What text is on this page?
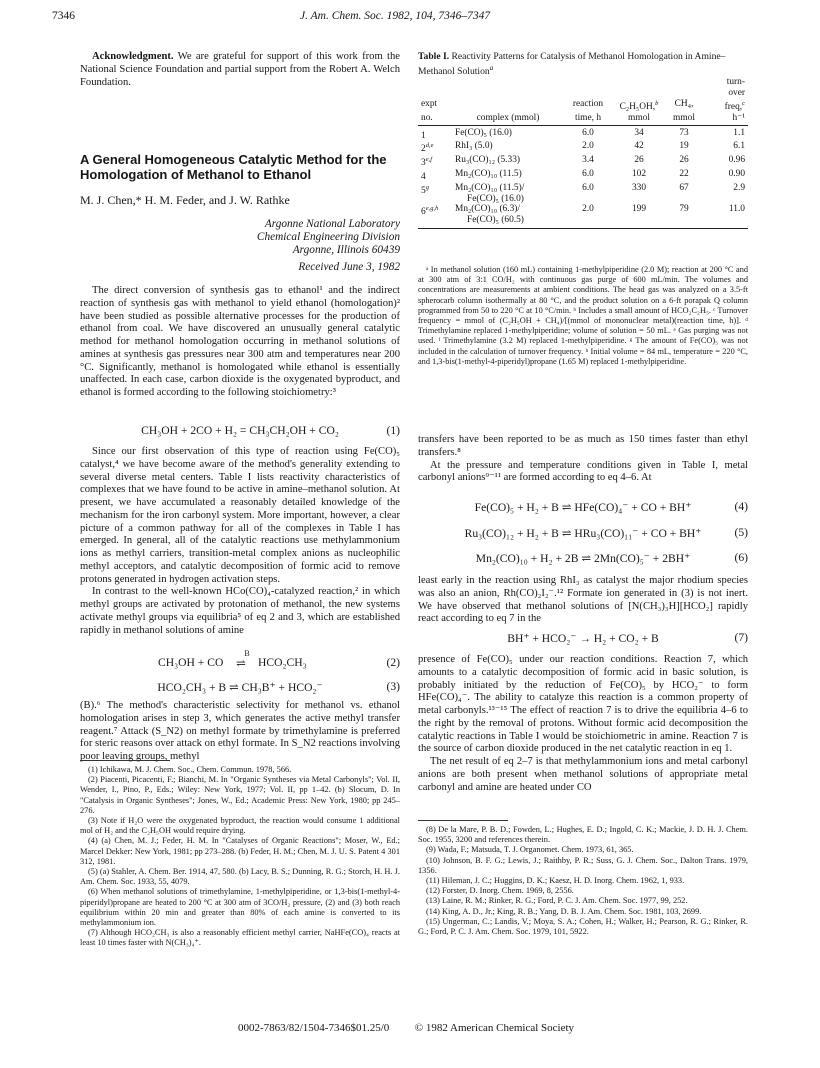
7346	J. Am. Chem. Soc. 1982, 104, 7346–7347

Acknowledgment. We are grateful for support of this work from the National Science Foundation and partial support from the Robert A. Welch Foundation.

A General Homogeneous Catalytic Method for the Homologation of Methanol to Ethanol
M. J. Chen,* H. M. Feder, and J. W. Rathke
Argonne National Laboratory
Chemical Engineering Division
Argonne, Illinois 60439
Received June 3, 1982

The direct conversion of synthesis gas to ethanol¹ and the indirect reaction of synthesis gas with methanol to yield ethanol (homologation)² have been studied as possible alternative processes for the production of ethanol from coal. We have discovered an unusually general catalytic method for methanol homologation occurring in methanol solutions of amines at synthesis gas pressures near 300 atm and temperatures near 200 °C. Significantly, methanol is homologated while ethanol is essentially unaffected. In each case, carbon dioxide is the oxygenated byproduct, and ethanol is formed according to the following stoichiometry:³

CH₃OH + 2CO + H₂ = CH₃CH₂OH + CO₂	(1)

Since our first observation of this type of reaction using Fe(CO)₅ catalyst,⁴ we have become aware of the method's generality extending to several diverse metal centers. Table I lists reactivity characteristics of complexes that we have found to be active in amine–methanol solution. At present, we have accumulated a reasonably detailed knowledge of the mechanism for the iron carbonyl system. More important, however, a clear picture of a common pathway for all of the complexes in Table I has emerged. In general, all of the catalytic reactions use methylammonium ions as methyl carriers, transition-metal complex anions as nucleophilic methyl acceptors, and catalytic decomposition of formic acid to remove protons generated in hydrogen activation steps.

In contrast to the well-known HCo(CO)₄-catalyzed reaction,² in which methyl groups are activated by protonation of methanol, the new systems activate methyl groups via equilibria⁵ of eq 2 and 3, which are established rapidly in methanol solutions of amine

CH₃OH + CO
B
⇌ HCO₂CH₃	(2)
HCO₂CH₃ + B ⇌ CH₃B⁺ + HCO₂⁻	(3)

(B).⁶ The method's characteristic selectivity for methanol vs. ethanol homologation arises in step 3, which generates the active methyl transfer reagent.⁷ Attack (S_N2) on methyl formate by trimethylamine is preferred for steric reasons over attack on ethyl formate. In S_N2 reactions involving poor leaving groups, methyl

(1) Ichikawa, M. J. Chem. Soc., Chem. Commun. 1978, 566.
(2) Piacenti, Picacenti, F.; Bianchi, M. In "Organic Syntheses via Metal Carbonyls"; Vol. II, Wender, I., Pino, P., Eds.; Wiley: New York, 1977; Vol. II, pp 1–42. (b) Slocum, D. In "Catalysis in Organic Syntheses"; Jones, W., Ed.; Academic Press: New York, 1980; pp 245–276.
(3) Note if H₂O were the oxygenated byproduct, the reaction would consume 1 additional mol of H₂ and the C₂H₅OH would require drying.
(4) (a) Chen, M. J.; Feder, H. M. In "Catalyses of Organic Reactions"; Moser, W., Ed.; Marcel Dekker: New York, 1981; pp 273–288. (b) Feder, H. M.; Chen, M. J. U. S. Patent 4 301 312, 1981.
(5) (a) Stahler, A. Chem. Ber. 1914, 47, 580. (b) Lacy, B. S.; Dunning, R. G.; Storch, H. H. J. Am. Chem. Soc. 1933, 55, 4079.
(6) When methanol solutions of trimethylamine, 1-methylpiperidine, or 1,3-bis(1-methyl-4-piperidyl)propane are heated to 200 °C at 300 atm of 3CO/H₂ pressure, (2) and (3) both reach equilibrium within 20 min and greater than 80% of each amine is converted to its methylammonium ion.
(7) Although HCO₂CH₃ is also a reasonably efficient methyl carrier, NaHFe(CO)₄ reacts at least 10 times faster with N(CH₃)₄⁺.
Table I. Reactivity Patterns for Catalysis of Methanol Homologation in Amine–Methanol Solution$^a$
					turn-
					over
expt		reaction	C₂H₅OH,$^b$	CH₄,	freq,$^c$
no.	complex (mmol)	time, h	mmol	mmol	h⁻¹

1	Fe(CO)₅ (16.0)	6.0	34	73	1.1
2$^{d,e}$	RhI₃ (5.0)	2.0	42	19	6.1
3$^{e,f}$	Ru₃(CO)₁₂ (5.33)	3.4	26	26	0.96
4	Mn₂(CO)₁₀ (11.5)	6.0	102	22	0.90
5$^g$	Mn₂(CO)₁₀ (11.5)/
Fe(CO)₅ (16.0)	6.0	330	67	2.9
6$^{e,g,h}$	Mn₂(CO)₁₀ (6.3)/
Fe(CO)₅ (60.5)	2.0	199	79	11.0

ᵃ In methanol solution (160 mL) containing 1-methylpiperidine (2.0 M); reaction at 200 °C and at 300 atm of 3:1 CO/H₂ with continuous gas purge of 600 mL/min. The volumes and concentrations are measurements at ambient conditions. The head gas was analyzed on a 3.5-ft spherocarb column isothermally at 80 °C, and the product solution on a 6-ft porapak Q column programmed from 50 to 220 °C at 10 °C/min. ᵇ Includes a small amount of HCO₂C₂H₅. ᶜ Turnover frequency = mmol of (C₂H₅OH + CH₄)/[(mmol of mononuclear metal)(reaction time, h)]. ᵈ Trimethylamine replaced 1-methylpiperidine; volume of solution = 50 mL. ᵉ Gas purging was not used. ᶠ Trimethylamine (3.2 M) replaced 1-methylpiperidine. ᵍ The amount of Fe(CO)₅ was not included in the calculation of turnover frequency. ʰ Initial volume = 84 mL, temperature = 220 °C, and 1,3-bis(1-methyl-4-piperidyl)propane (1.65 M) replaced 1-methylpiperidine.

transfers have been reported to be as much as 150 times faster than ethyl transfers.⁸

At the pressure and temperature conditions given in Table I, metal carbonyl anions⁹⁻¹¹ are formed according to eq 4–6. At

Fe(CO)₅ + H₂ + B ⇌ HFe(CO)₄⁻ + CO + BH⁺	(4)
Ru₃(CO)₁₂ + H₂ + B ⇌ HRu₃(CO)₁₁⁻ + CO + BH⁺	(5)
Mn₂(CO)₁₀ + H₂ + 2B ⇌ 2Mn(CO)₅⁻ + 2BH⁺	(6)

least early in the reaction using RhI₃ as catalyst the major rhodium species was also an anion, Rh(CO)₂I₂⁻.¹² Formate ion generated in (3) is not inert. We have observed that methanol solutions of [N(CH₃)₃H][HCO₂] rapidly react according to eq 7 in the

BH⁺ + HCO₂⁻ → H₂ + CO₂ + B	(7)

presence of Fe(CO)₅ under our reaction conditions. Reaction 7, which amounts to a catalytic decomposition of formic acid in basic solution, is probably initiated by the reduction of Fe(CO)₅ by HCO₂⁻ to form HFe(CO)₄⁻. The ability to catalyze this reaction is a common property of metal carbonyls.¹³⁻¹⁵ The effect of reaction 7 is to drive the equilibria 4–6 to the right by the removal of protons. Without formic acid decomposition the catalytic reactions in Table I would be stoichiometric in amine. Reaction 7 is the source of carbon dioxide produced in the net catalytic reaction in eq 1.

The net result of eq 2–7 is that methylammonium ions and metal carbonyl anions are both present when methanol solutions of appropriate metal carbonyl and amine are heated under CO

(8) De la Mare, P. B. D.; Fowden, L.; Hughes, E. D.; Ingold, C. K.; Mackie, J. D. H. J. Chem. Soc. 1955, 3200 and references therein.
(9) Wada, F.; Matsuda, T. J. Organomet. Chem. 1973, 61, 365.
(10) Johnson, B. F. G.; Lewis, J.; Raithby, P. R.; Suss, G. J. Chem. Soc., Dalton Trans. 1979, 1356.
(11) Hileman, J. C.; Huggins, D. K.; Kaesz, H. D. Inorg. Chem. 1962, 1, 933.
(12) Forster, D. Inorg. Chem. 1969, 8, 2556.
(13) Laine, R. M.; Rinker, R. G.; Ford, P. C. J. Am. Chem. Soc. 1977, 99, 252.
(14) King, A. D., Jr.; King, R. B.; Yang, D. B. J. Am. Chem. Soc. 1981, 103, 2699.
(15) Ungerman, C.; Landis, V.; Moya, S. A.; Cohen, H.; Walker, H.; Pearson, R. G.; Rinker, R. G.; Ford, P. C. J. Am. Chem. Soc. 1979, 101, 5922.
0002-7863/82/1504-7346$01.25/0 © 1982 American Chemical Society
